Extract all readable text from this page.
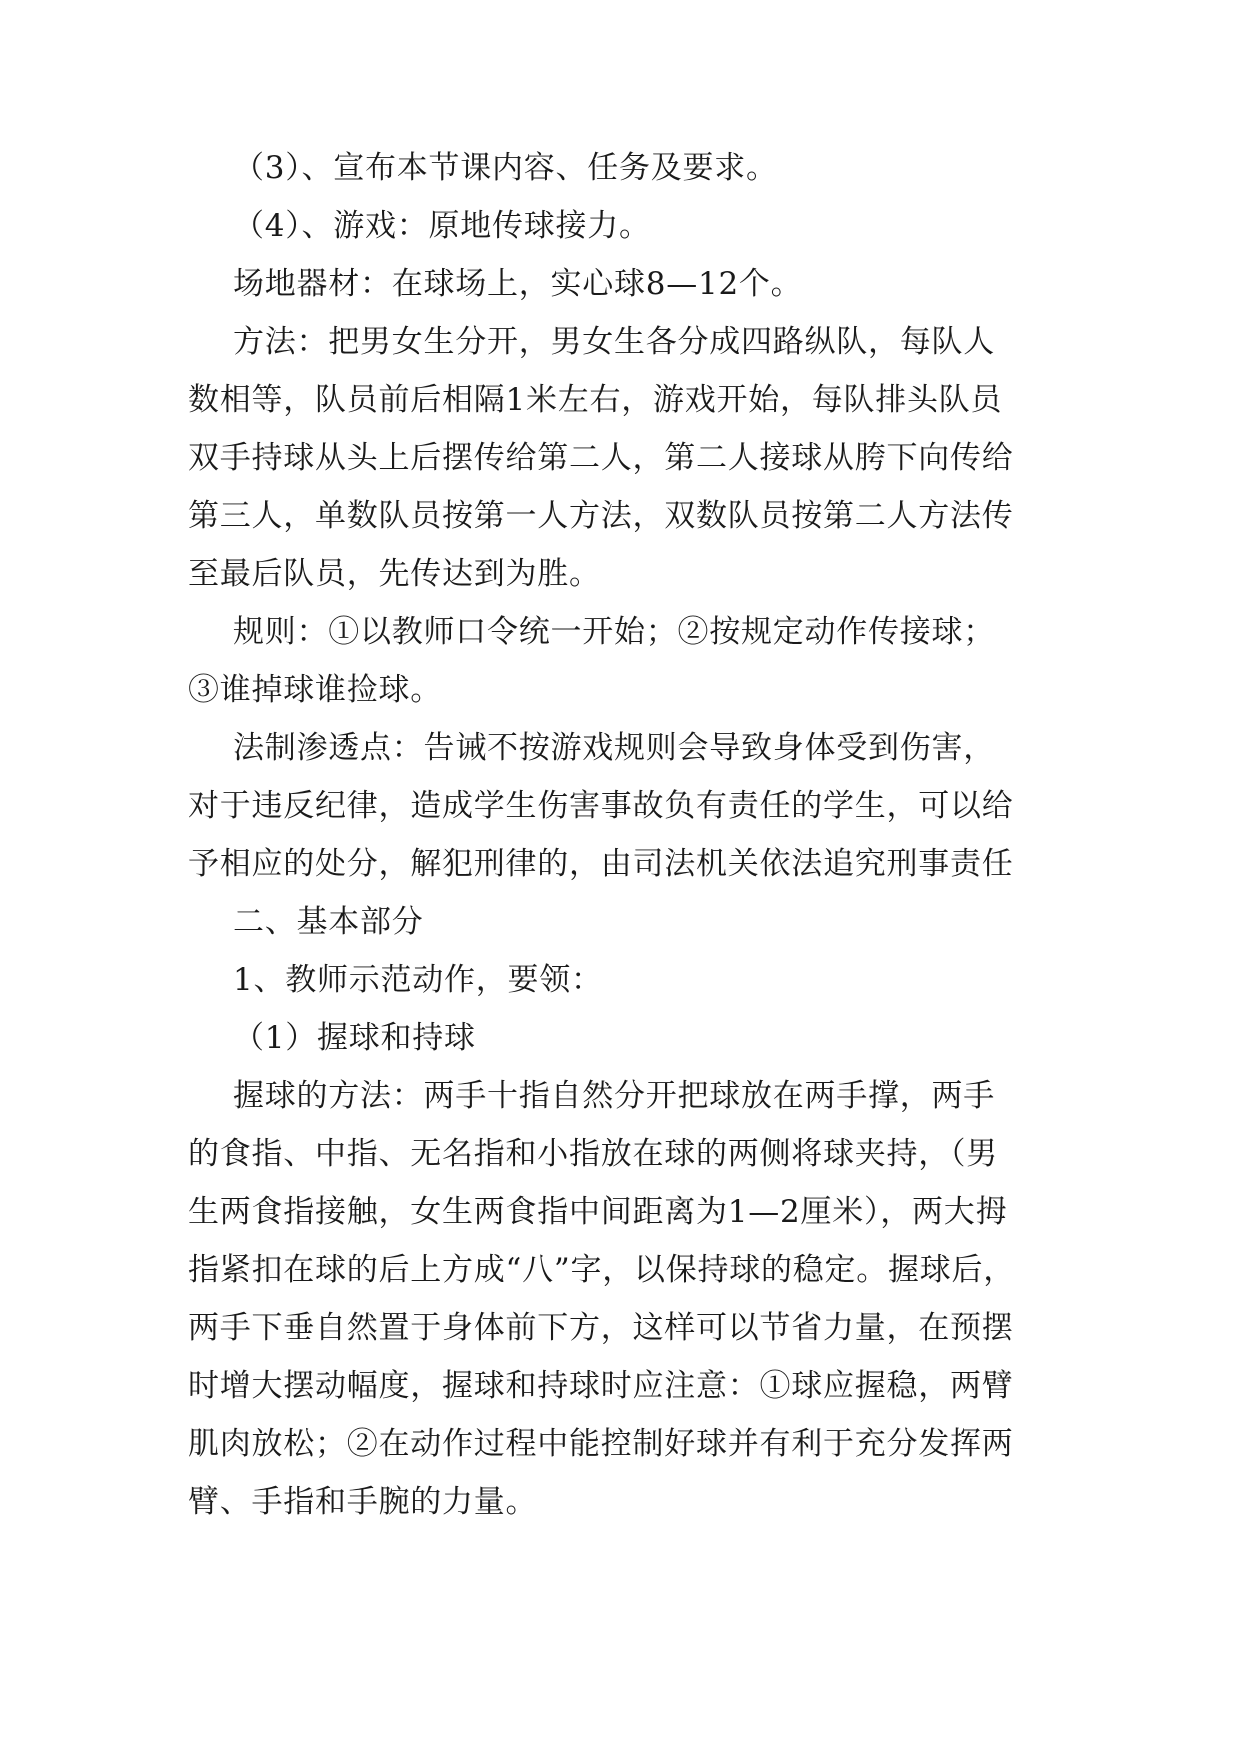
（3）、宣布本节课内容、任务及要求。
（4）、游戏：原地传球接力。
场地器材：在球场上，实心球8—12个。
方法：把男女生分开，男女生各分成四路纵队，每队人
数相等，队员前后相隔1米左右，游戏开始，每队排头队员
双手持球从头上后摆传给第二人，第二人接球从胯下向传给
第三人，单数队员按第一人方法，双数队员按第二人方法传
至最后队员，先传达到为胜。
规则：①以教师口令统一开始；②按规定动作传接球；
③谁掉球谁捡球。
法制渗透点：告诫不按游戏规则会导致身体受到伤害，
对于违反纪律，造成学生伤害事故负有责任的学生，可以给
予相应的处分，解犯刑律的，由司法机关依法追究刑事责任
二、基本部分
1、教师示范动作，要领：
（1）握球和持球
握球的方法：两手十指自然分开把球放在两手撑，两手
的食指、中指、无名指和小指放在球的两侧将球夹持，（男
生两食指接触，女生两食指中间距离为1—2厘米），两大拇
指紧扣在球的后上方成“八”字，以保持球的稳定。握球后，
两手下垂自然置于身体前下方，这样可以节省力量，在预摆
时增大摆动幅度，握球和持球时应注意：①球应握稳，两臂
肌肉放松；②在动作过程中能控制好球并有利于充分发挥两
臂、手指和手腕的力量。
